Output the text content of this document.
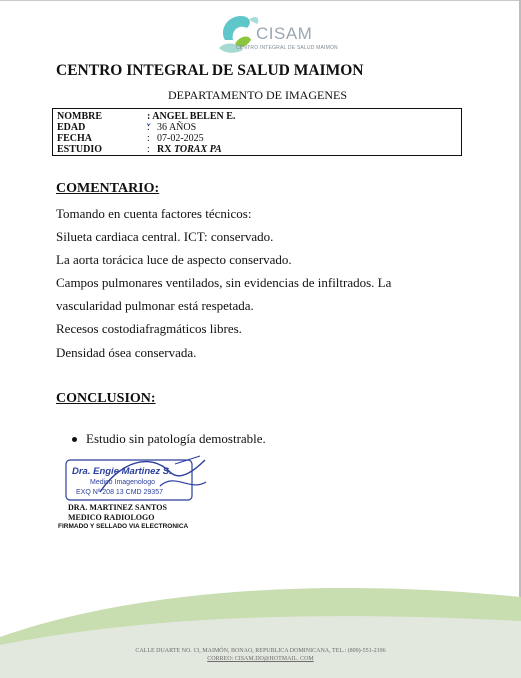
CISAM
CENTRO INTEGRAL DE SALUD MAIMON
CENTRO INTEGRAL DE SALUD MAIMON
DEPARTAMENTO DE IMAGENES
NOMBRE	: ANGEL BELEN E.
EDAD	: 36 AÑOS
FECHA	: 07-02-2025
ESTUDIO	: RX TORAX PA
COMENTARIO:
Tomando en cuenta factores técnicos:
Silueta cardiaca central. ICT: conservado.
La aorta torácica luce de aspecto conservado.
Campos pulmonares ventilados, sin evidencias de infiltrados. La
vascularidad pulmonar está respetada.
Recesos costodiafragmáticos libres.
Densidad ósea conservada.
CONCLUSION:
Estudio sin patología demostrable.
Dra. Engie Martinez S.
Medico Imagenologo
EXQ Nº 208 13 CMD 29357
DRA. MARTINEZ SANTOS
MEDICO RADIOLOGO
FIRMADO Y SELLADO VIA ELECTRONICA
CALLE DUARTE NO. 13, MAIMÓN, BONAO, REPUBLICA DOMINICANA, TEL.: (809)-551-2196
CORREO: CISAM.DO@HOTMAIL. COM
